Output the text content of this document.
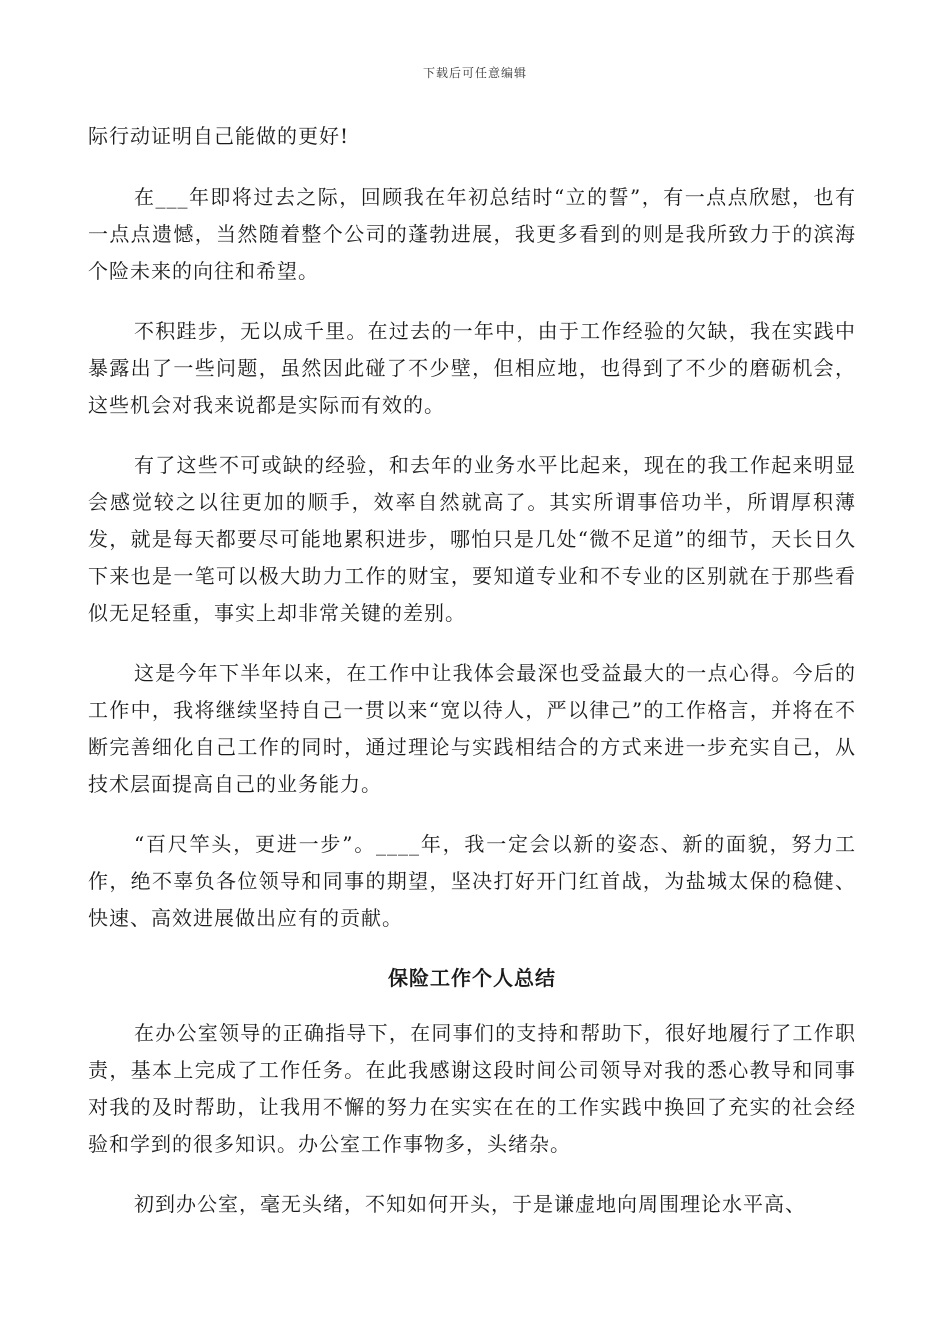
下载后可任意编辑

际行动证明自己能做的更好!

在___年即将过去之际，回顾我在年初总结时“立的誓”，有一点点欣慰，也有一点点遗憾，当然随着整个公司的蓬勃进展，我更多看到的则是我所致力于的滨海个险未来的向往和希望。

不积跬步，无以成千里。在过去的一年中，由于工作经验的欠缺，我在实践中暴露出了一些问题，虽然因此碰了不少壁，但相应地，也得到了不少的磨砺机会，这些机会对我来说都是实际而有效的。

有了这些不可或缺的经验，和去年的业务水平比起来，现在的我工作起来明显会感觉较之以往更加的顺手，效率自然就高了。其实所谓事倍功半，所谓厚积薄发，就是每天都要尽可能地累积进步，哪怕只是几处“微不足道”的细节，天长日久下来也是一笔可以极大助力工作的财宝，要知道专业和不专业的区别就在于那些看似无足轻重，事实上却非常关键的差别。

这是今年下半年以来，在工作中让我体会最深也受益最大的一点心得。今后的工作中，我将继续坚持自己一贯以来“宽以待人，严以律己”的工作格言，并将在不断完善细化自己工作的同时，通过理论与实践相结合的方式来进一步充实自己，从技术层面提高自己的业务能力。

“百尺竿头，更进一步”。____年，我一定会以新的姿态、新的面貌，努力工作，绝不辜负各位领导和同事的期望，坚决打好开门红首战，为盐城太保的稳健、快速、高效进展做出应有的贡献。

保险工作个人总结

在办公室领导的正确指导下，在同事们的支持和帮助下，很好地履行了工作职责，基本上完成了工作任务。在此我感谢这段时间公司领导对我的悉心教导和同事对我的及时帮助，让我用不懈的努力在实实在在的工作实践中换回了充实的社会经验和学到的很多知识。办公室工作事物多，头绪杂。

初到办公室，毫无头绪，不知如何开头，于是谦虚地向周围理论水平高、
